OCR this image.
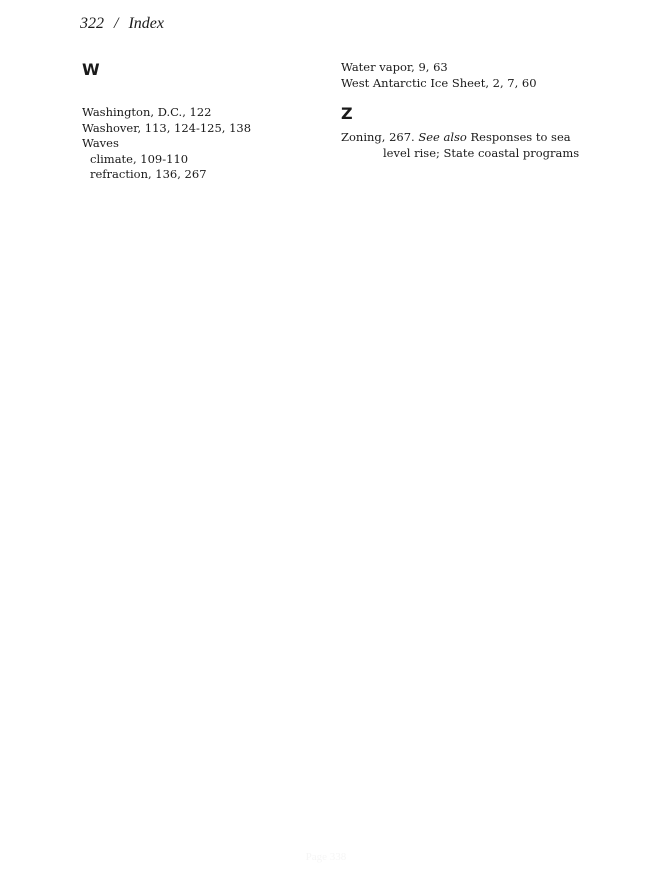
322 / Index
W

Washington, D.C., 122

Washover, 113, 124-125, 138

Waves

climate, 109-110

refraction, 136, 267

Water vapor, 9, 63

West Antarctic Ice Sheet, 2, 7, 60

Z

Zoning, 267. See also Responses to sea level rise; State coastal programs

Page 338
